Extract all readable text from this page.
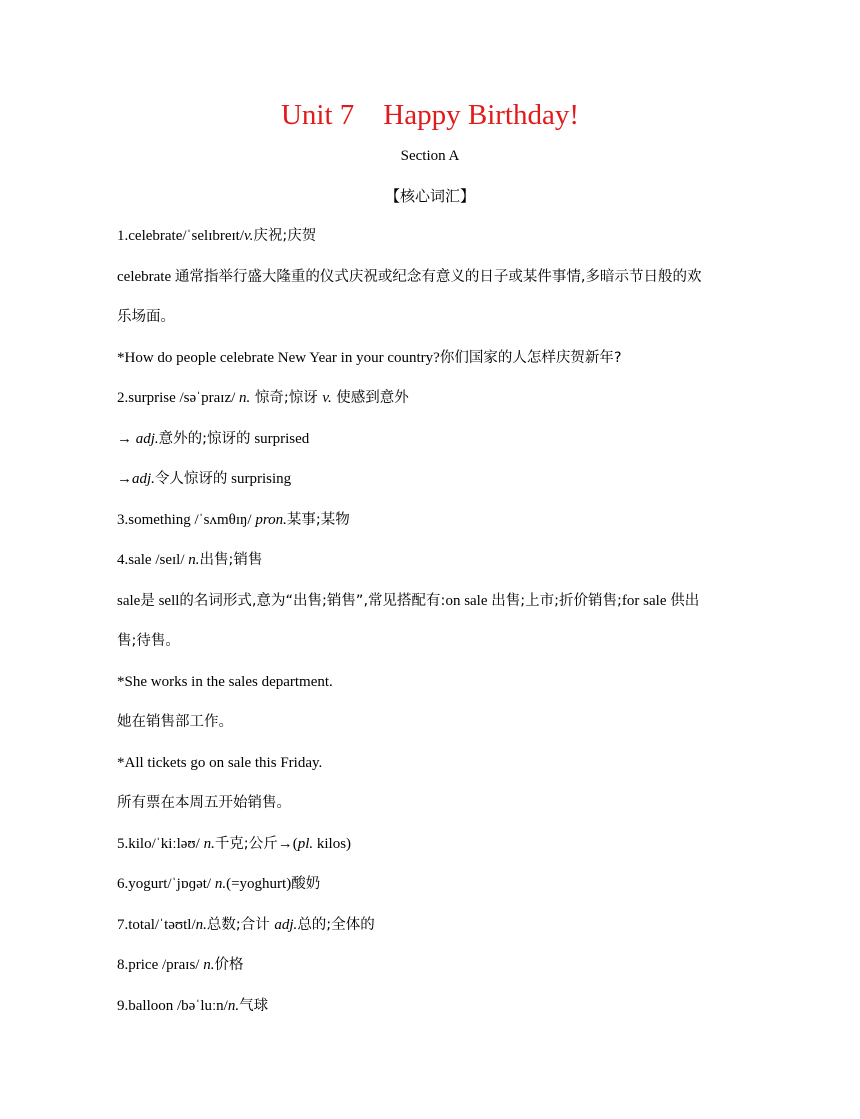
Unit 7    Happy Birthday!
Section A
【核心词汇】
1.celebrate/ˈselɪbreɪt/v.庆祝;庆贺
celebrate 通常指举行盛大隆重的仪式庆祝或纪念有意义的日子或某件事情,多暗示节日般的欢
乐场面。
*How do people celebrate New Year in your country?你们国家的人怎样庆贺新年?
2.surprise /səˈpraɪz/ n. 惊奇;惊讶 v. 使感到意外
→ adj.意外的;惊讶的 surprised
→adj.令人惊讶的 surprising
3.something /ˈsʌmθɪŋ/ pron.某事;某物
4.sale /seɪl/ n.出售;销售
sale是 sell的名词形式,意为“出售;销售”,常见搭配有:on sale 出售;上市;折价销售;for sale 供出
售;待售。
*She works in the sales department.
她在销售部工作。
*All tickets go on sale this Friday.
所有票在本周五开始销售。
5.kilo/ˈkiːləʊ/ n.千克;公斤→(pl. kilos)
6.yogurt/ˈjɒɡət/ n.(=yoghurt)酸奶
7.total/ˈtəʊtl/n.总数;合计 adj.总的;全体的
8.price /praɪs/ n.价格
9.balloon /bəˈluːn/n.气球
